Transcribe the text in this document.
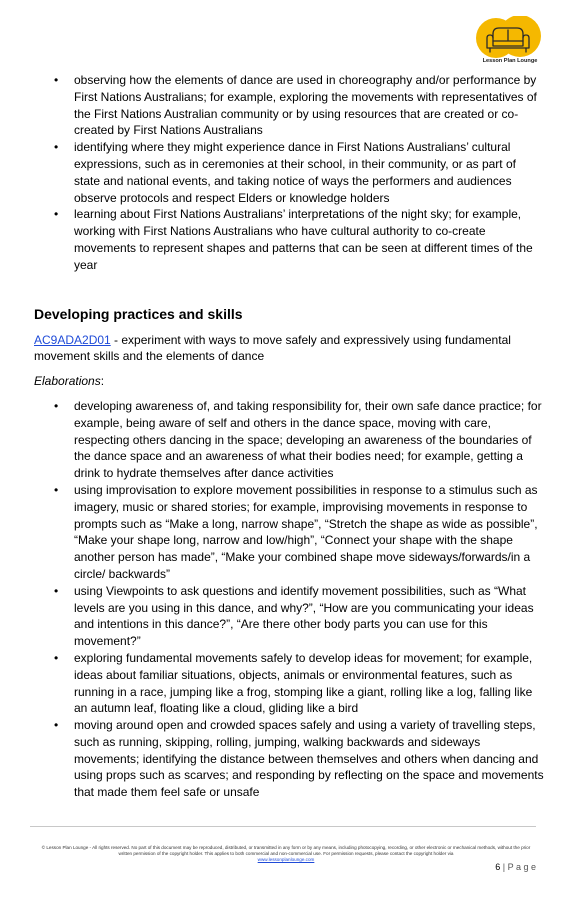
Lesson Plan Lounge
• observing how the elements of dance are used in choreography and/or performance by First Nations Australians; for example, exploring the movements with representatives of the First Nations Australian community or by using resources that are created or co-created by First Nations Australians
• identifying where they might experience dance in First Nations Australians’ cultural expressions, such as in ceremonies at their school, in their community, or as part of state and national events, and taking notice of ways the performers and audiences observe protocols and respect Elders or knowledge holders
• learning about First Nations Australians’ interpretations of the night sky; for example, working with First Nations Australians who have cultural authority to co-create movements to represent shapes and patterns that can be seen at different times of the year
Developing practices and skills

AC9ADA2D01 - experiment with ways to move safely and expressively using fundamental movement skills and the elements of dance

Elaborations:

• developing awareness of, and taking responsibility for, their own safe dance practice; for example, being aware of self and others in the dance space, moving with care, respecting others dancing in the space; developing an awareness of the boundaries of the dance space and an awareness of what their bodies need; for example, getting a drink to hydrate themselves after dance activities
• using improvisation to explore movement possibilities in response to a stimulus such as imagery, music or shared stories; for example, improvising movements in response to prompts such as “Make a long, narrow shape”, “Stretch the shape as wide as possible”, “Make your shape long, narrow and low/high”, “Connect your shape with the shape another person has made”, “Make your combined shape move sideways/forwards/in a circle/ backwards”
• using Viewpoints to ask questions and identify movement possibilities, such as “What levels are you using in this dance, and why?”, “How are you communicating your ideas and intentions in this dance?”, “Are there other body parts you can use for this movement?”
• exploring fundamental movements safely to develop ideas for movement; for example, ideas about familiar situations, objects, animals or environmental features, such as running in a race, jumping like a frog, stomping like a giant, rolling like a log, falling like an autumn leaf, floating like a cloud, gliding like a bird
• moving around open and crowded spaces safely and using a variety of travelling steps, such as running, skipping, rolling, jumping, walking backwards and sideways movements; identifying the distance between themselves and others when dancing and using props such as scarves; and responding by reflecting on the space and movements that made them feel safe or unsafe
© Lesson Plan Lounge - All rights reserved. No part of this document may be reproduced, distributed, or transmitted in any form or by any means, including photocopying, recording, or other electronic or mechanical methods, without the prior written permission of the copyright holder. This applies to both commercial and non-commercial use. For permission requests, please contact the copyright holder via
www.lessonplanlounge.com
6 | P a g e
